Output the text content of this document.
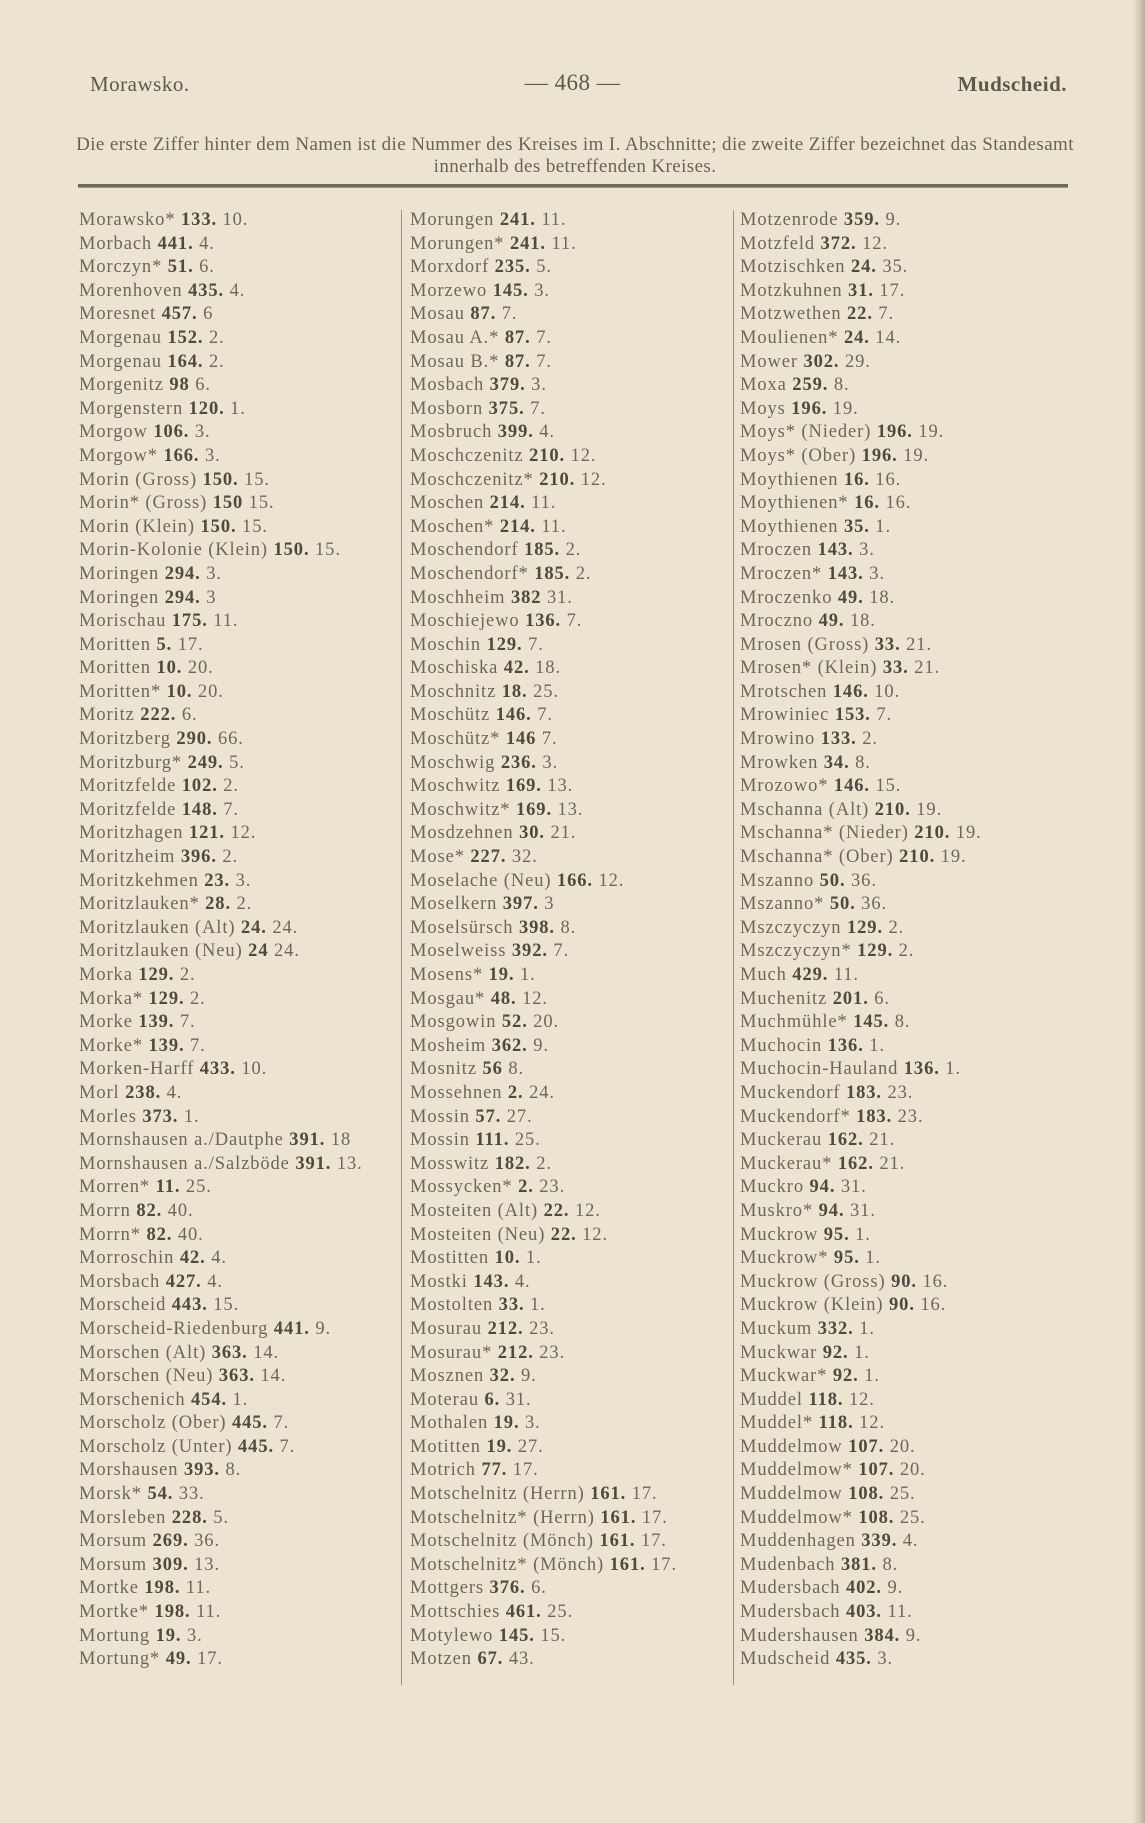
Morawsko.	— 468 —	Mudscheid.
Die erste Ziffer hinter dem Namen ist die Nummer des Kreises im I. Abschnitte; die zweite Ziffer bezeichnet das Standesamt innerhalb des betreffenden Kreises.
Morawsko* 133. 10.
Morbach 441. 4.
Morczyn* 51. 6.
Morenhoven 435. 4.
Moresnet 457. 6
Morgenau 152. 2.
Morgenau 164. 2.
Morgenitz 98 6.
Morgenstern 120. 1.
Morgow 106. 3.
Morgow* 166. 3.
Morin (Gross) 150. 15.
Morin* (Gross) 150 15.
Morin (Klein) 150. 15.
Morin-Kolonie (Klein) 150. 15.
Moringen 294. 3.
Moringen 294. 3
Morischau 175. 11.
Moritten 5. 17.
Moritten 10. 20.
Moritten* 10. 20.
Moritz 222. 6.
Moritzberg 290. 66.
Moritzburg* 249. 5.
Moritzfelde 102. 2.
Moritzfelde 148. 7.
Moritzhagen 121. 12.
Moritzheim 396. 2.
Moritzkehmen 23. 3.
Moritzlauken* 28. 2.
Moritzlauken (Alt) 24. 24.
Moritzlauken (Neu) 24 24.
Morka 129. 2.
Morka* 129. 2.
Morke 139. 7.
Morke* 139. 7.
Morken-Harff 433. 10.
Morl 238. 4.
Morles 373. 1.
Mornshausen a./Dautphe 391. 18
Mornshausen a./Salzböde 391. 13.
Morren* 11. 25.
Morrn 82. 40.
Morrn* 82. 40.
Morroschin 42. 4.
Morsbach 427. 4.
Morscheid 443. 15.
Morscheid-Riedenburg 441. 9.
Morschen (Alt) 363. 14.
Morschen (Neu) 363. 14.
Morschenich 454. 1.
Morscholz (Ober) 445. 7.
Morscholz (Unter) 445. 7.
Morshausen 393. 8.
Morsk* 54. 33.
Morsleben 228. 5.
Morsum 269. 36.
Morsum 309. 13.
Mortke 198. 11.
Mortke* 198. 11.
Mortung 19. 3.
Mortung* 49. 17.
Morungen 241. 11.
Morungen* 241. 11.
Morxdorf 235. 5.
Morzewo 145. 3.
Mosau 87. 7.
Mosau A.* 87. 7.
Mosau B.* 87. 7.
Mosbach 379. 3.
Mosborn 375. 7.
Mosbruch 399. 4.
Moschczenitz 210. 12.
Moschczenitz* 210. 12.
Moschen 214. 11.
Moschen* 214. 11.
Moschendorf 185. 2.
Moschendorf* 185. 2.
Moschheim 382 31.
Moschiejewo 136. 7.
Moschin 129. 7.
Moschiska 42. 18.
Moschnitz 18. 25.
Moschütz 146. 7.
Moschütz* 146 7.
Moschwig 236. 3.
Moschwitz 169. 13.
Moschwitz* 169. 13.
Mosdzehnen 30. 21.
Mose* 227. 32.
Moselache (Neu) 166. 12.
Moselkern 397. 3
Moselsürsch 398. 8.
Moselweiss 392. 7.
Mosens* 19. 1.
Mosgau* 48. 12.
Mosgowin 52. 20.
Mosheim 362. 9.
Mosnitz 56 8.
Mossehnen 2. 24.
Mossin 57. 27.
Mossin 111. 25.
Mosswitz 182. 2.
Mossycken* 2. 23.
Mosteiten (Alt) 22. 12.
Mosteiten (Neu) 22. 12.
Mostitten 10. 1.
Mostki 143. 4.
Mostolten 33. 1.
Mosurau 212. 23.
Mosurau* 212. 23.
Mosznen 32. 9.
Moterau 6. 31.
Mothalen 19. 3.
Motitten 19. 27.
Motrich 77. 17.
Motschelnitz (Herrn) 161. 17.
Motschelnitz* (Herrn) 161. 17.
Motschelnitz (Mönch) 161. 17.
Motschelnitz* (Mönch) 161. 17.
Mottgers 376. 6.
Mottschies 461. 25.
Motylewo 145. 15.
Motzen 67. 43.
Motzenrode 359. 9.
Motzfeld 372. 12.
Motzischken 24. 35.
Motzkuhnen 31. 17.
Motzwethen 22. 7.
Moulienen* 24. 14.
Mower 302. 29.
Moxa 259. 8.
Moys 196. 19.
Moys* (Nieder) 196. 19.
Moys* (Ober) 196. 19.
Moythienen 16. 16.
Moythienen* 16. 16.
Moythienen 35. 1.
Mroczen 143. 3.
Mroczen* 143. 3.
Mroczenko 49. 18.
Mroczno 49. 18.
Mrosen (Gross) 33. 21.
Mrosen* (Klein) 33. 21.
Mrotschen 146. 10.
Mrowiniec 153. 7.
Mrowino 133. 2.
Mrowken 34. 8.
Mrozowo* 146. 15.
Mschanna (Alt) 210. 19.
Mschanna* (Nieder) 210. 19.
Mschanna* (Ober) 210. 19.
Mszanno 50. 36.
Mszanno* 50. 36.
Mszczyczyn 129. 2.
Mszczyczyn* 129. 2.
Much 429. 11.
Muchenitz 201. 6.
Muchmühle* 145. 8.
Muchocin 136. 1.
Muchocin-Hauland 136. 1.
Muckendorf 183. 23.
Muckendorf* 183. 23.
Muckerau 162. 21.
Muckerau* 162. 21.
Muckro 94. 31.
Muskro* 94. 31.
Muckrow 95. 1.
Muckrow* 95. 1.
Muckrow (Gross) 90. 16.
Muckrow (Klein) 90. 16.
Muckum 332. 1.
Muckwar 92. 1.
Muckwar* 92. 1.
Muddel 118. 12.
Muddel* 118. 12.
Muddelmow 107. 20.
Muddelmow* 107. 20.
Muddelmow 108. 25.
Muddelmow* 108. 25.
Muddenhagen 339. 4.
Mudenbach 381. 8.
Mudersbach 402. 9.
Mudersbach 403. 11.
Mudershausen 384. 9.
Mudscheid 435. 3.
